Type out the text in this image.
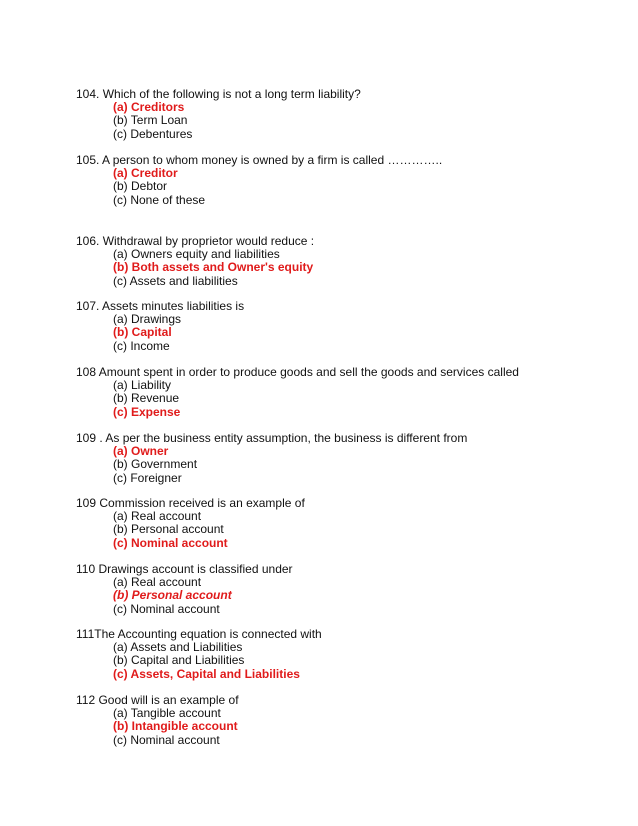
104. Which of the following is not a long term liability?
(a) Creditors
(b) Term Loan
(c) Debentures
105. A person to whom money is owned by a firm is called …………..
(a) Creditor
(b) Debtor
(c) None of these
106. Withdrawal by proprietor would reduce :
(a) Owners equity and liabilities
(b) Both assets and Owner's equity
(c) Assets and liabilities
107. Assets minutes liabilities is
(a) Drawings
(b) Capital
(c) Income
108 Amount spent in order to produce goods and sell the goods and services called
(a) Liability
(b) Revenue
(c) Expense
109 . As per the business entity assumption, the business is different from
(a) Owner
(b) Government
(c) Foreigner
109 Commission received is an example of
(a) Real account
(b) Personal account
(c) Nominal account
110 Drawings account is classified under
(a) Real account
(b) Personal account
(c) Nominal account
111The Accounting equation is connected with
(a) Assets and Liabilities
(b) Capital and Liabilities
(c) Assets, Capital and Liabilities
112 Good will is an example of
(a) Tangible account
(b) Intangible account
(c) Nominal account
